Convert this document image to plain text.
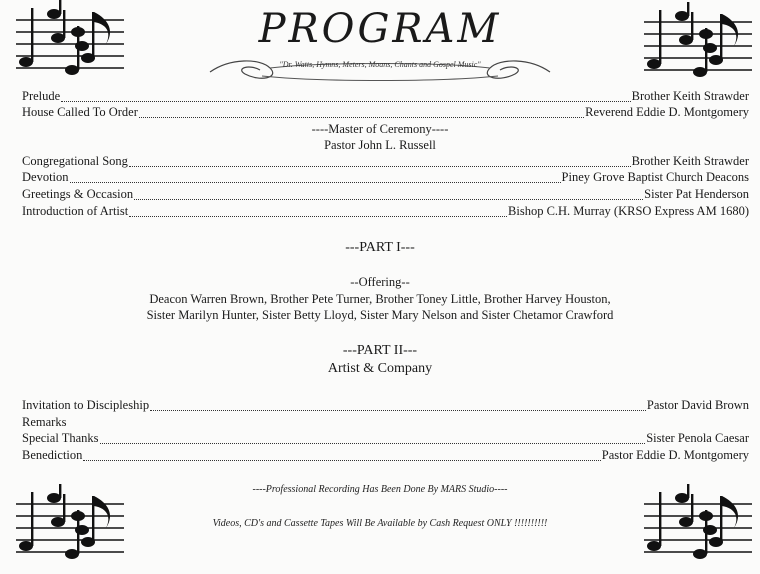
PROGRAM
"Dr. Watts, Hymns, Meters, Moans, Chants and Gospel Music"
Prelude	Brother Keith Strawder
House Called To Order	Reverend Eddie D. Montgomery
----Master of Ceremony----
Pastor John L. Russell
Congregational Song	Brother Keith Strawder
Devotion	Piney Grove Baptist Church Deacons
Greetings & Occasion	Sister Pat Henderson
Introduction of Artist	Bishop C.H. Murray (KRSO Express AM 1680)
---PART I---
--Offering--
Deacon Warren Brown, Brother Pete Turner, Brother Toney Little, Brother Harvey Houston,
Sister Marilyn Hunter, Sister Betty Lloyd, Sister Mary Nelson and Sister Chetamor Crawford
---PART II---
Artist & Company
Invitation to Discipleship	Pastor David Brown
Remarks
Special Thanks	Sister Penola Caesar
Benediction	Pastor Eddie D. Montgomery
----Professional Recording Has Been Done By MARS Studio----
Videos, CD's and Cassette Tapes Will Be Available by Cash Request ONLY !!!!!!!!!!
